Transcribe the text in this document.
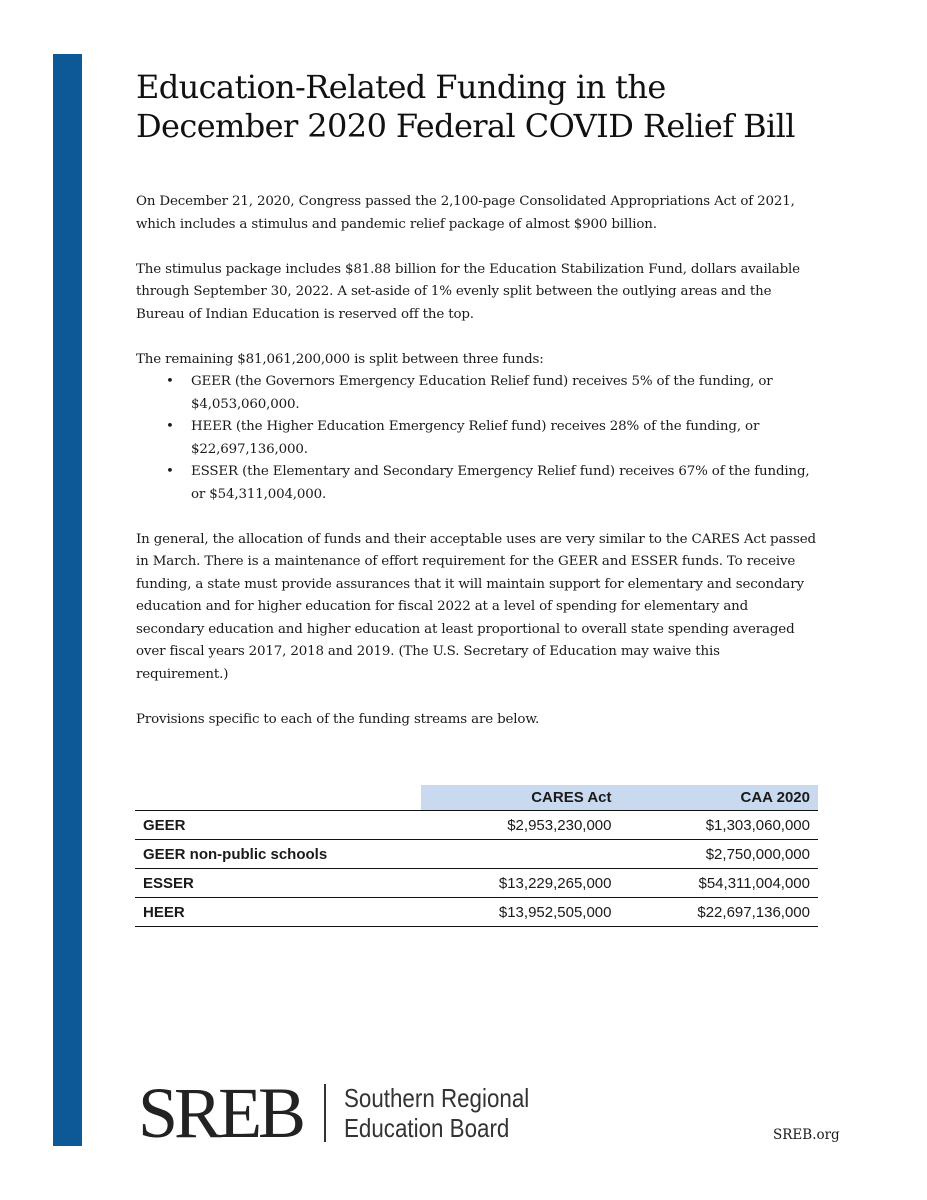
Education-Related Funding in the
December 2020 Federal COVID Relief Bill

On December 21, 2020, Congress passed the 2,100-page Consolidated Appropriations Act of 2021, which includes a stimulus and pandemic relief package of almost $900 billion.

The stimulus package includes $81.88 billion for the Education Stabilization Fund, dollars available through September 30, 2022. A set-aside of 1% evenly split between the outlying areas and the Bureau of Indian Education is reserved off the top.

The remaining $81,061,200,000 is split between three funds:

• GEER (the Governors Emergency Education Relief fund) receives 5% of the funding, or $4,053,060,000.
• HEER (the Higher Education Emergency Relief fund) receives 28% of the funding, or $22,697,136,000.
• ESSER (the Elementary and Secondary Emergency Relief fund) receives 67% of the funding, or $54,311,004,000.

In general, the allocation of funds and their acceptable uses are very similar to the CARES Act passed in March. There is a maintenance of effort requirement for the GEER and ESSER funds. To receive funding, a state must provide assurances that it will maintain support for elementary and secondary education and for higher education for fiscal 2022 at a level of spending for elementary and secondary education and higher education at least proportional to overall state spending averaged over fiscal years 2017, 2018 and 2019. (The U.S. Secretary of Education may waive this requirement.)

Provisions specific to each of the funding streams are below.

	CARES Act	CAA 2020
GEER	$2,953,230,000	$1,303,060,000
GEER non-public schools		$2,750,000,000
ESSER	$13,229,265,000	$54,311,004,000
HEER	$13,952,505,000	$22,697,136,000
SREB Southern Regional
Education Board	SREB.org
